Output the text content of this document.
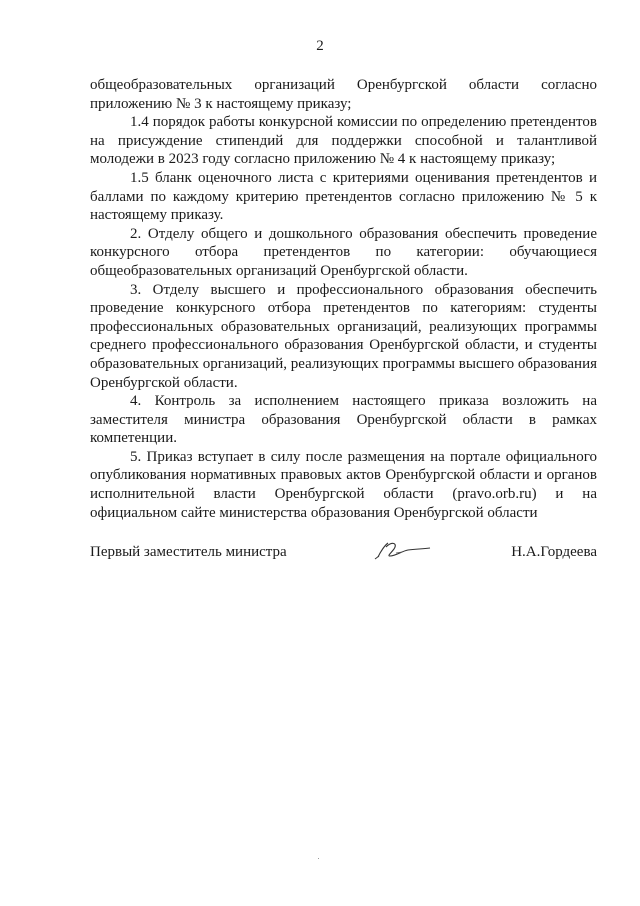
2

общеобразовательных организаций Оренбургской области согласно приложению № 3 к настоящему приказу;

1.4 порядок работы конкурсной комиссии по определению претендентов на присуждение стипендий для поддержки способной и талантливой молодежи в 2023 году согласно приложению № 4 к настоящему приказу;

1.5 бланк оценочного листа с критериями оценивания претендентов и баллами по каждому критерию претендентов согласно приложению № 5 к настоящему приказу.

2. Отделу общего и дошкольного образования обеспечить проведение конкурсного отбора претендентов по категории: обучающиеся общеобразовательных организаций Оренбургской области.

3. Отделу высшего и профессионального образования обеспечить проведение конкурсного отбора претендентов по категориям: студенты профессиональных образовательных организаций, реализующих программы среднего профессионального образования Оренбургской области, и студенты образовательных организаций, реализующих программы высшего образования Оренбургской области.

4. Контроль за исполнением настоящего приказа возложить на заместителя министра образования Оренбургской области в рамках компетенции.

5. Приказ вступает в силу после размещения на портале официального опубликования нормативных правовых актов Оренбургской области и органов исполнительной власти Оренбургской области (pravo.orb.ru) и на официальном сайте министерства образования Оренбургской области

Первый заместитель министра	Н.А.Гордеева
